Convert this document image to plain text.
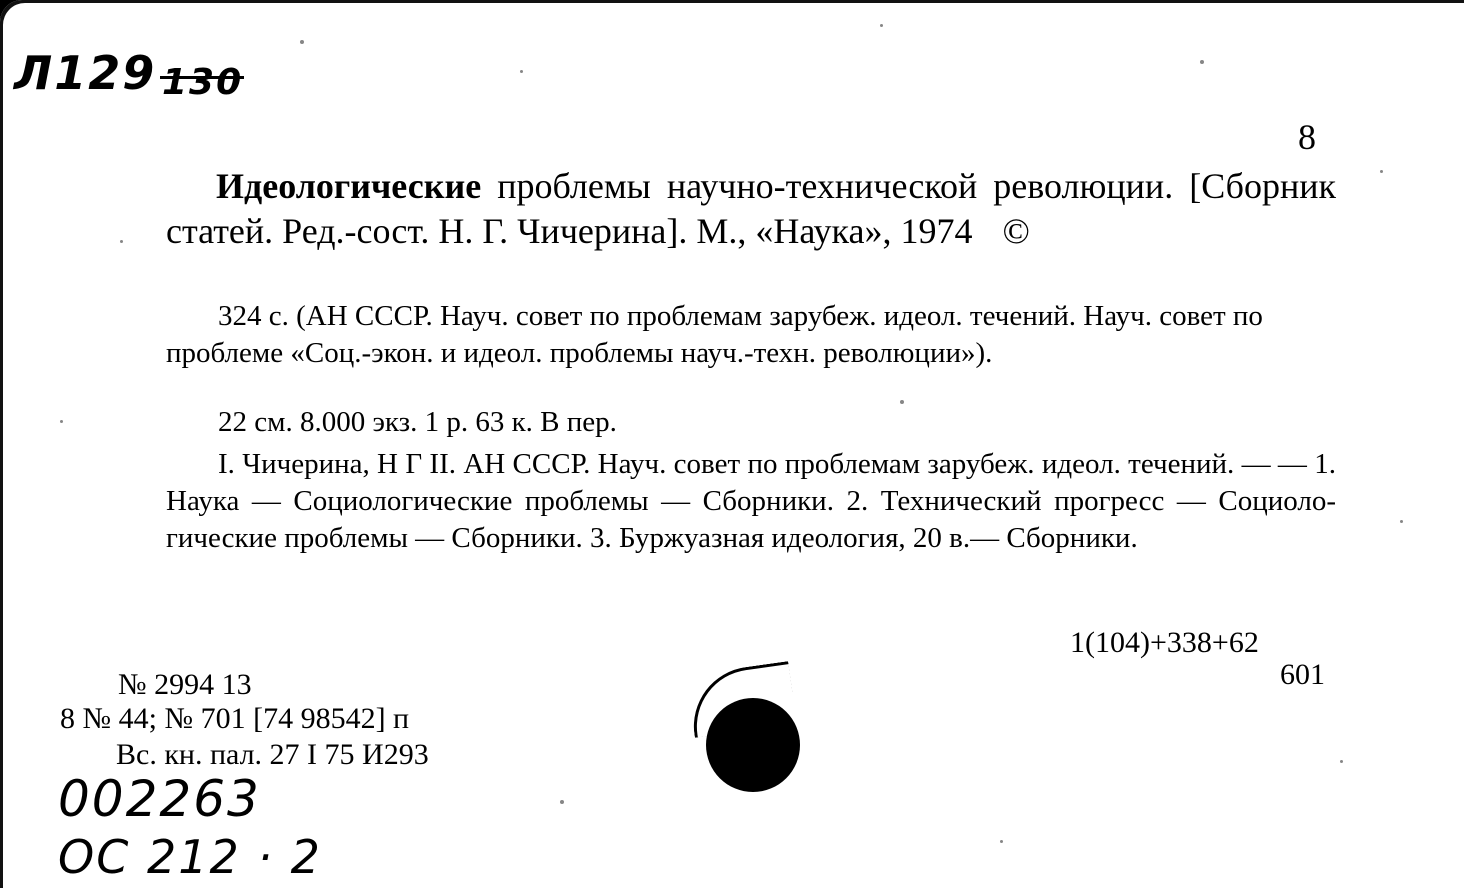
Л129 130
8
Идеологические проблемы научно-технической революции. [Сборник статей. Ред.-сост. Н. Г. Чичерина]. М., «Наука», 1974 ©
324 с. (АН СССР. Науч. совет по проблемам зарубеж. идеол. течений. Науч. совет по проблеме «Соц.-экон. и идеол. проблемы науч.-техн. революции»).
22 см. 8.000 экз. 1 р. 63 к. В пер.
I. Чичерина, Н Г II. АН СССР. Науч. совет по проблемам зарубеж. идеол. течений. — — 1. Наука — Социологические проблемы — Сборники. 2. Технический прогресс — Социологические проблемы — Сборники. 3. Буржуазная идеология, 20 в.— Сборники.
1(104)+338+62
601
№ 2994 13
8 № 44; № 701 [74 98542] п
Вс. кн. пал. 27 I 75 И293
002263
ОС 212 · 2
